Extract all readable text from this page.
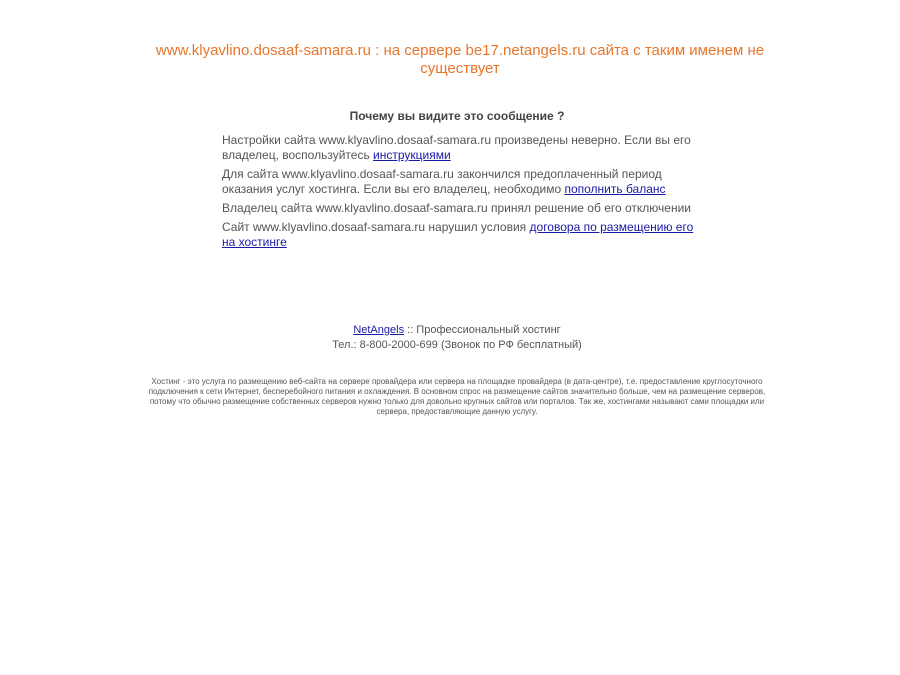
www.klyavlino.dosaaf-samara.ru : на сервере be17.netangels.ru сайта с таким именем не существует
Почему вы видите это сообщение ?

Настройки сайта www.klyavlino.dosaaf-samara.ru произведены неверно. Если вы его владелец, воспользуйтесь инструкциями

Для сайта www.klyavlino.dosaaf-samara.ru закончился предоплаченный период оказания услуг хостинга. Если вы его владелец, необходимо пополнить баланс

Владелец сайта www.klyavlino.dosaaf-samara.ru принял решение об его отключении

Сайт www.klyavlino.dosaaf-samara.ru нарушил условия договора по размещению его на хостинге

NetAngels :: Профессиональный хостинг
Тел.: 8-800-2000-699 (Звонок по РФ бесплатный)
Хостинг - это услуга по размещению веб-сайта на сервере провайдера или сервера на площадке провайдера (в дата-центре), т.е. предоставление круглосуточного подключения к сети Интернет, бесперебойного питания и охлаждения. В основном спрос на размещение сайтов значительно больше, чем на размещение серверов, потому что обычно размещение собственных серверов нужно только для довольно крупных сайтов или порталов. Так же, хостингами называют сами площадки или сервера, предоставляющие данную услугу.
